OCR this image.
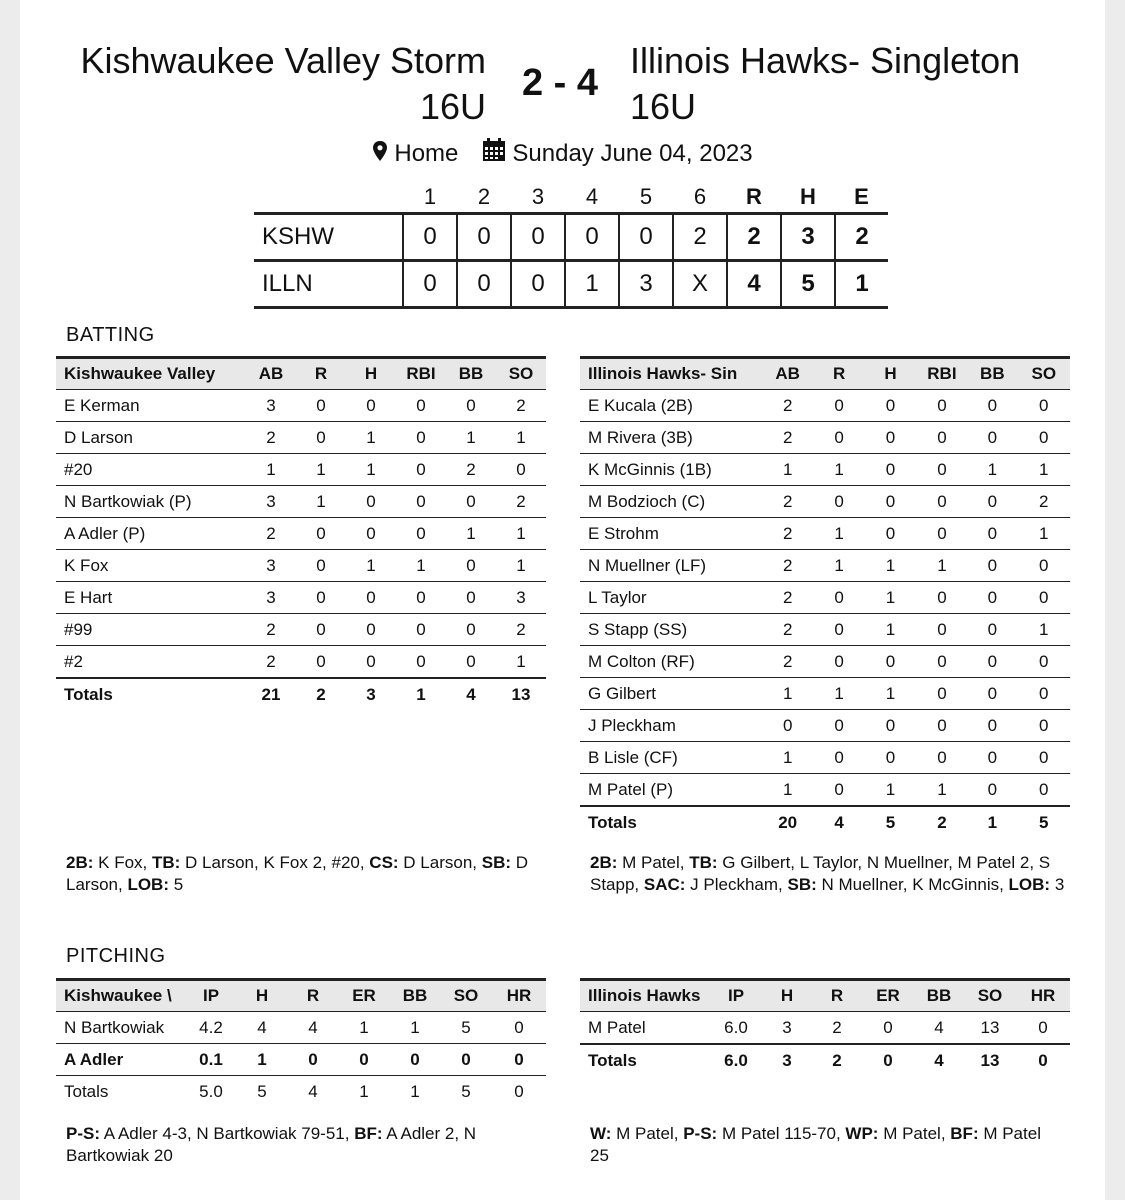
Kishwaukee Valley Storm
16U
2 - 4
Illinois Hawks- Singleton
16U
Home Sunday June 04, 2023
	1	2	3	4	5	6	R	H	E
KSHW	0	0	0	0	0	2	2	3	2
ILLN	0	0	0	1	3	X	4	5	1
BATTING
Kishwaukee Valley	AB	R	H	RBI	BB	SO
E Kerman	3	0	0	0	0	2
D Larson	2	0	1	0	1	1
#20	1	1	1	0	2	0
N Bartkowiak (P)	3	1	0	0	0	2
A Adler (P)	2	0	0	0	1	1
K Fox	3	0	1	1	0	1
E Hart	3	0	0	0	0	3
#99	2	0	0	0	0	2
#2	2	0	0	0	0	1
Totals	21	2	3	1	4	13
Illinois Hawks- Sin	AB	R	H	RBI	BB	SO
E Kucala (2B)	2	0	0	0	0	0
M Rivera (3B)	2	0	0	0	0	0
K McGinnis (1B)	1	1	0	0	1	1
M Bodzioch (C)	2	0	0	0	0	2
E Strohm	2	1	0	0	0	1
N Muellner (LF)	2	1	1	1	0	0
L Taylor	2	0	1	0	0	0
S Stapp (SS)	2	0	1	0	0	1
M Colton (RF)	2	0	0	0	0	0
G Gilbert	1	1	1	0	0	0
J Pleckham	0	0	0	0	0	0
B Lisle (CF)	1	0	0	0	0	0
M Patel (P)	1	0	1	1	0	0
Totals	20	4	5	2	1	5
2B: K Fox, TB: D Larson, K Fox 2, #20, CS: D Larson, SB: D Larson, LOB: 5
2B: M Patel, TB: G Gilbert, L Taylor, N Muellner, M Patel 2, S Stapp, SAC: J Pleckham, SB: N Muellner, K McGinnis, LOB: 3
PITCHING
Kishwaukee \	IP	H	R	ER	BB	SO	HR
N Bartkowiak	4.2	4	4	1	1	5	0
A Adler	0.1	1	0	0	0	0	0
Totals	5.0	5	4	1	1	5	0
Illinois Hawks	IP	H	R	ER	BB	SO	HR
M Patel	6.0	3	2	0	4	13	0
Totals	6.0	3	2	0	4	13	0
P-S: A Adler 4-3, N Bartkowiak 79-51, BF: A Adler 2, N Bartkowiak 20
W: M Patel, P-S: M Patel 115-70, WP: M Patel, BF: M Patel 25
